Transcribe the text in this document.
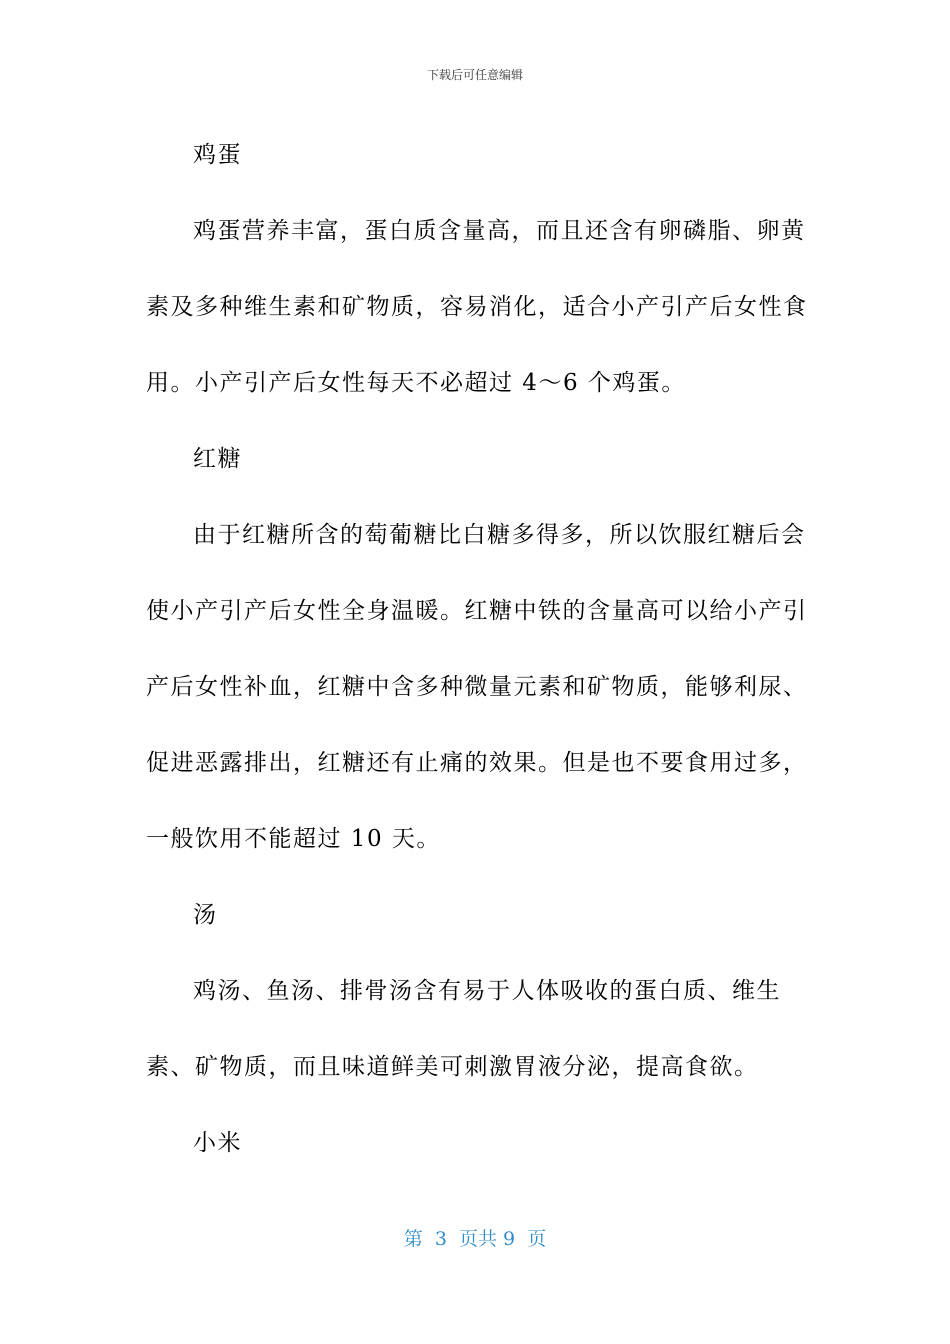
下载后可任意编辑

鸡蛋

鸡蛋营养丰富，蛋白质含量高，而且还含有卵磷脂、卵黄素及多种维生素和矿物质，容易消化，适合小产引产后女性食用。小产引产后女性每天不必超过 4～6 个鸡蛋。

红糖

由于红糖所含的萄葡糖比白糖多得多，所以饮服红糖后会使小产引产后女性全身温暖。红糖中铁的含量高可以给小产引产后女性补血，红糖中含多种微量元素和矿物质，能够利尿、促进恶露排出，红糖还有止痛的效果。但是也不要食用过多，一般饮用不能超过 10 天。

汤

鸡汤、鱼汤、排骨汤含有易于人体吸收的蛋白质、维生素、矿物质，而且味道鲜美可刺激胃液分泌，提高食欲。

小米

第  3  页共 9  页
